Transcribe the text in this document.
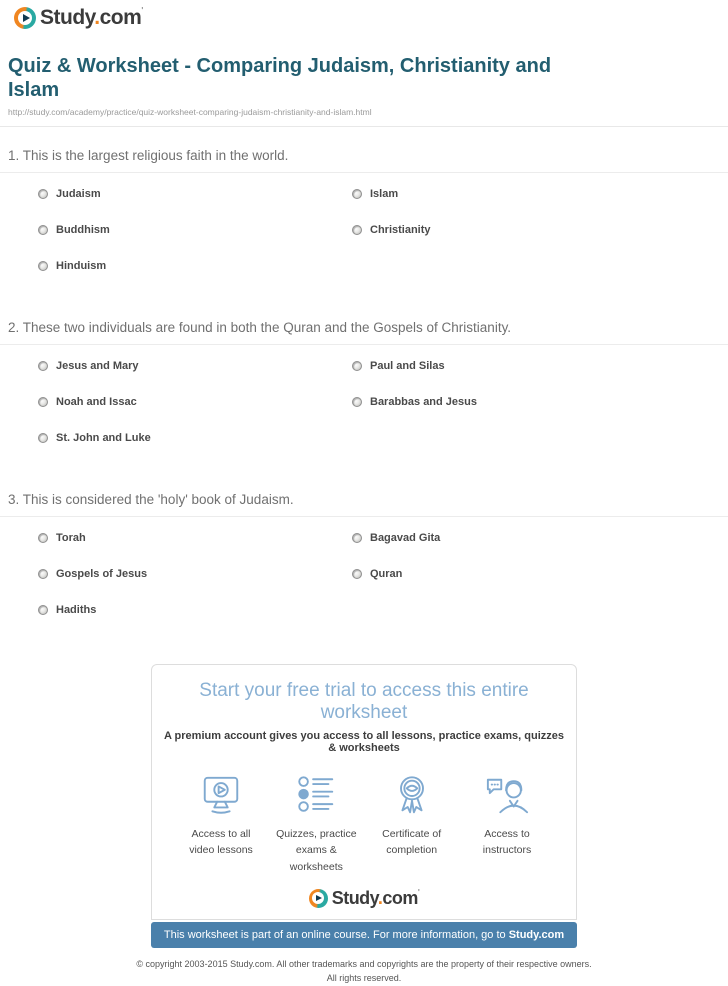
Study.com'
Quiz & Worksheet - Comparing Judaism, Christianity and Islam
http://study.com/academy/practice/quiz-worksheet-comparing-judaism-christianity-and-islam.html
1. This is the largest religious faith in the world.
Judaism
Buddhism
Hinduism
Islam
Christianity
2. These two individuals are found in both the Quran and the Gospels of Christianity.
Jesus and Mary
Noah and Issac
St. John and Luke
Paul and Silas
Barabbas and Jesus
3. This is considered the 'holy' book of Judaism.
Torah
Gospels of Jesus
Hadiths
Bagavad Gita
Quran
Start your free trial to access this entire worksheet
A premium account gives you access to all lessons, practice exams, quizzes & worksheets
Access to all
video lessons
Quizzes, practice
exams & worksheets
Certificate of
completion
Access to
instructors
Study.com'
This worksheet is part of an online course. For more information, go to Study.com
© copyright 2003-2015 Study.com. All other trademarks and copyrights are the property of their respective owners.
All rights reserved.
